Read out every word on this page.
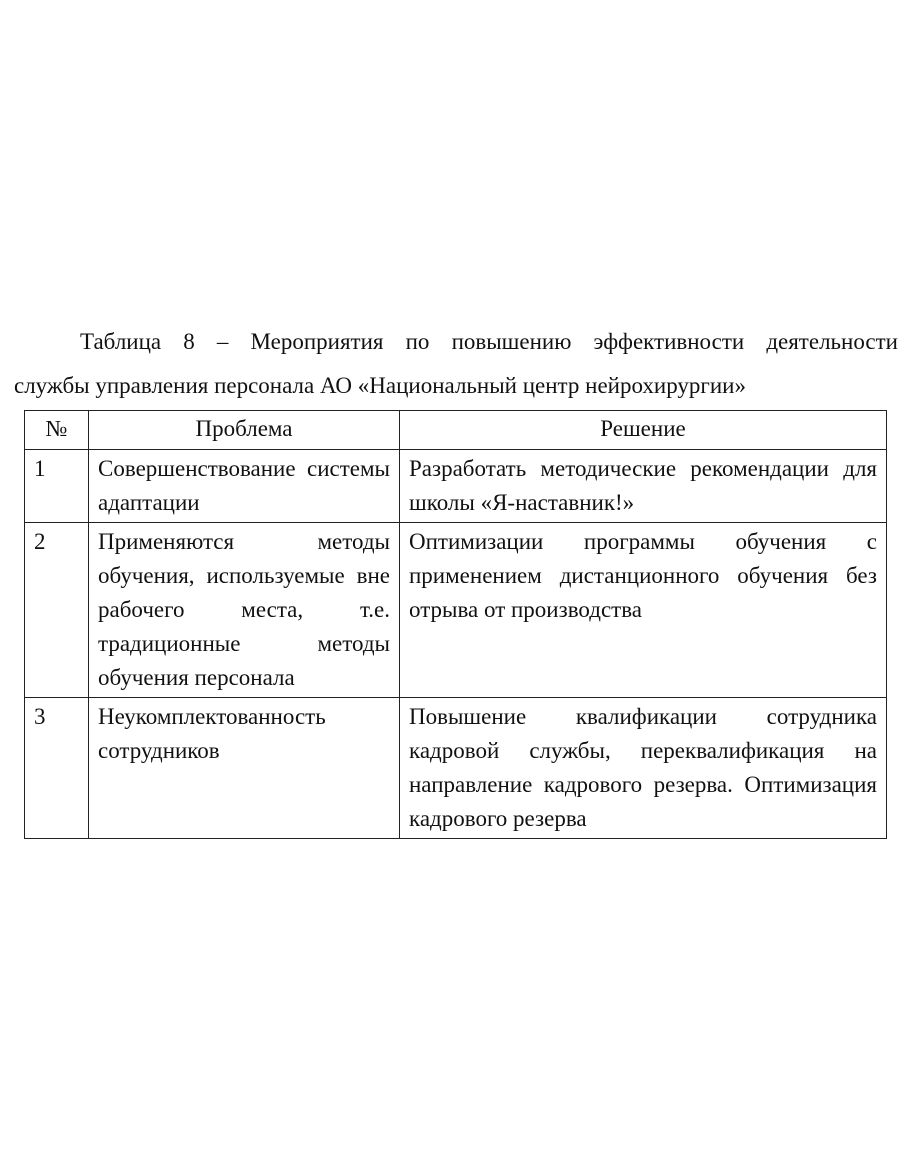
Таблица 8 – Мероприятия по повышению эффективности деятельности
службы управления персонала АО «Национальный центр нейрохирургии»
№	Проблема	Решение
1	Совершенствование системы адаптации	Разработать методические рекомендации для школы «Я-наставник!»
2	Применяются методы обучения, используемые вне рабочего места, т.е. традиционные методы обучения персонала	Оптимизации программы обучения с применением дистанционного обучения без отрыва от производства
3	Неукомплектованность сотрудников	Повышение квалификации сотрудника кадровой службы, переквалификация на направление кадрового резерва. Оптимизация кадрового резерва
